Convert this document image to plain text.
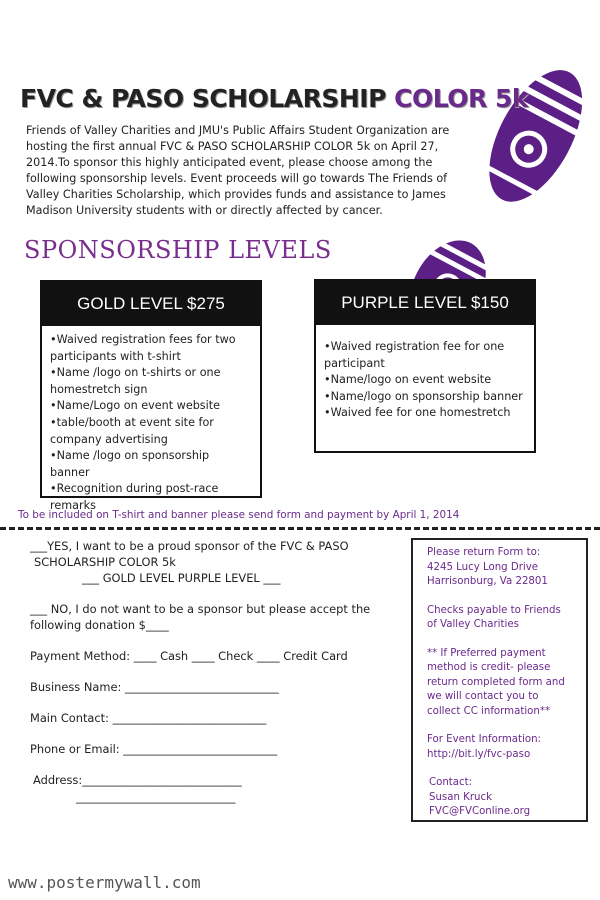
FVC & PASO SCHOLARSHIP COLOR 5k
Friends of Valley Charities and JMU's Public Affairs Student Organization are hosting the first annual FVC & PASO SCHOLARSHIP COLOR 5k on April 27, 2014.To sponsor this highly anticipated event, please choose among the following sponsorship levels. Event proceeds will go towards The Friends of Valley Charities Scholarship, which provides funds and assistance to James Madison University students with or directly affected by cancer.
SPONSORSHIP LEVELS
GOLD LEVEL $275
•Waived registration fees for two participants with t-shirt
•Name /logo on t-shirts or one homestretch sign
•Name/Logo on event website
•table/booth at event site for company advertising
•Name /logo on sponsorship banner
•Recognition during post-race remarks
PURPLE LEVEL $150
•Waived registration fee for one participant
•Name/logo on event website
•Name/logo on sponsorship banner
•Waived fee for one homestretch
To be included on T-shirt and banner please send form and payment by April 1, 2014
___YES, I want to be a proud sponsor of the FVC & PASO
SCHOLARSHIP COLOR 5k
___ GOLD LEVEL PURPLE LEVEL ___
___ NO, I do not want to be a sponsor but please accept the
following donation $____
Payment Method: ____ Cash ____ Check ____ Credit Card
Business Name: ___________________________
Main Contact: ___________________________
Phone or Email: ___________________________
Address:____________________________
____________________________

Please return Form to:
4245 Lucy Long Drive
Harrisonburg, Va 22801

Checks payable to Friends of Valley Charities

** If Preferred payment method is credit- please return completed form and we will contact you to collect CC information**

For Event Information:
http://bit.ly/fvc-paso

Contact:
Susan Kruck
FVC@FVConline.org

www.postermywall.com
